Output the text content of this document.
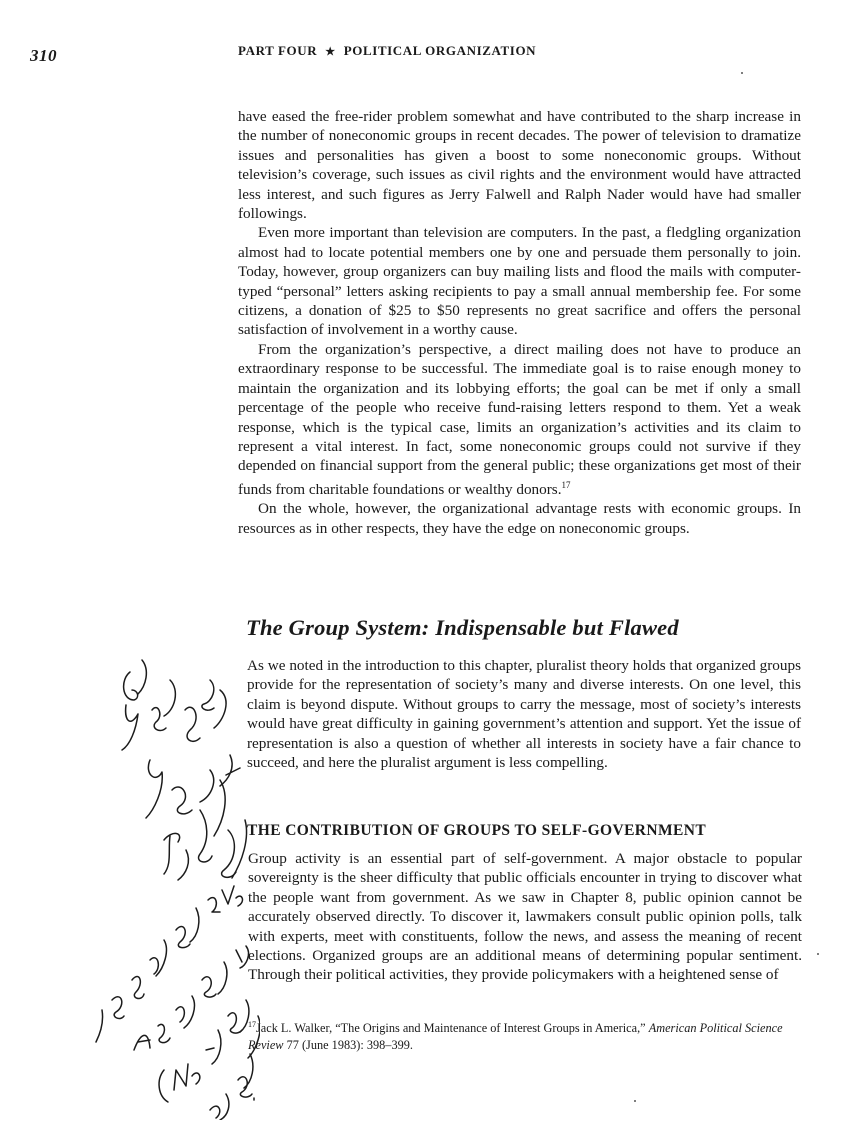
310	PART FOUR ★ POLITICAL ORGANIZATION

have eased the free-rider problem somewhat and have contributed to the sharp increase in the number of noneconomic groups in recent decades. The power of television to dramatize issues and personalities has given a boost to some noneconomic groups. Without television’s coverage, such issues as civil rights and the environment would have attracted less interest, and such figures as Jerry Falwell and Ralph Nader would have had smaller followings.

Even more important than television are computers. In the past, a fledgling organization almost had to locate potential members one by one and persuade them personally to join. Today, however, group organizers can buy mailing lists and flood the mails with computer-typed “personal” letters asking recipients to pay a small annual membership fee. For some citizens, a donation of $25 to $50 represents no great sacrifice and offers the personal satisfaction of involvement in a worthy cause.

From the organization’s perspective, a direct mailing does not have to produce an extraordinary response to be successful. The immediate goal is to raise enough money to maintain the organization and its lobbying efforts; the goal can be met if only a small percentage of the people who receive fund-raising letters respond to them. Yet a weak response, which is the typical case, limits an organization’s activities and its claim to represent a vital interest. In fact, some noneconomic groups could not survive if they depended on financial support from the general public; these organizations get most of their funds from charitable foundations or wealthy donors.$^{17}$

On the whole, however, the organizational advantage rests with economic groups. In resources as in other respects, they have the edge on noneconomic groups.

The Group System: Indispensable but Flawed

As we noted in the introduction to this chapter, pluralist theory holds that organized groups provide for the representation of society’s many and diverse interests. On one level, this claim is beyond dispute. Without groups to carry the message, most of society’s interests would have great difficulty in gaining government’s attention and support. Yet the issue of representation is also a question of whether all interests in society have a fair chance to succeed, and here the pluralist argument is less compelling.

THE CONTRIBUTION OF GROUPS TO SELF-GOVERNMENT

Group activity is an essential part of self-government. A major obstacle to popular sovereignty is the sheer difficulty that public officials encounter in trying to discover what the people want from government. As we saw in Chapter 8, public opinion cannot be accurately observed directly. To discover it, lawmakers consult public opinion polls, talk with experts, meet with constituents, follow the news, and assess the meaning of recent elections. Organized groups are an additional means of determining popular sentiment. Through their political activities, they provide policymakers with a heightened sense of

$^{17}$Jack L. Walker, “The Origins and Maintenance of Interest Groups in America,” American Political Science Review 77 (June 1983): 398–399.
